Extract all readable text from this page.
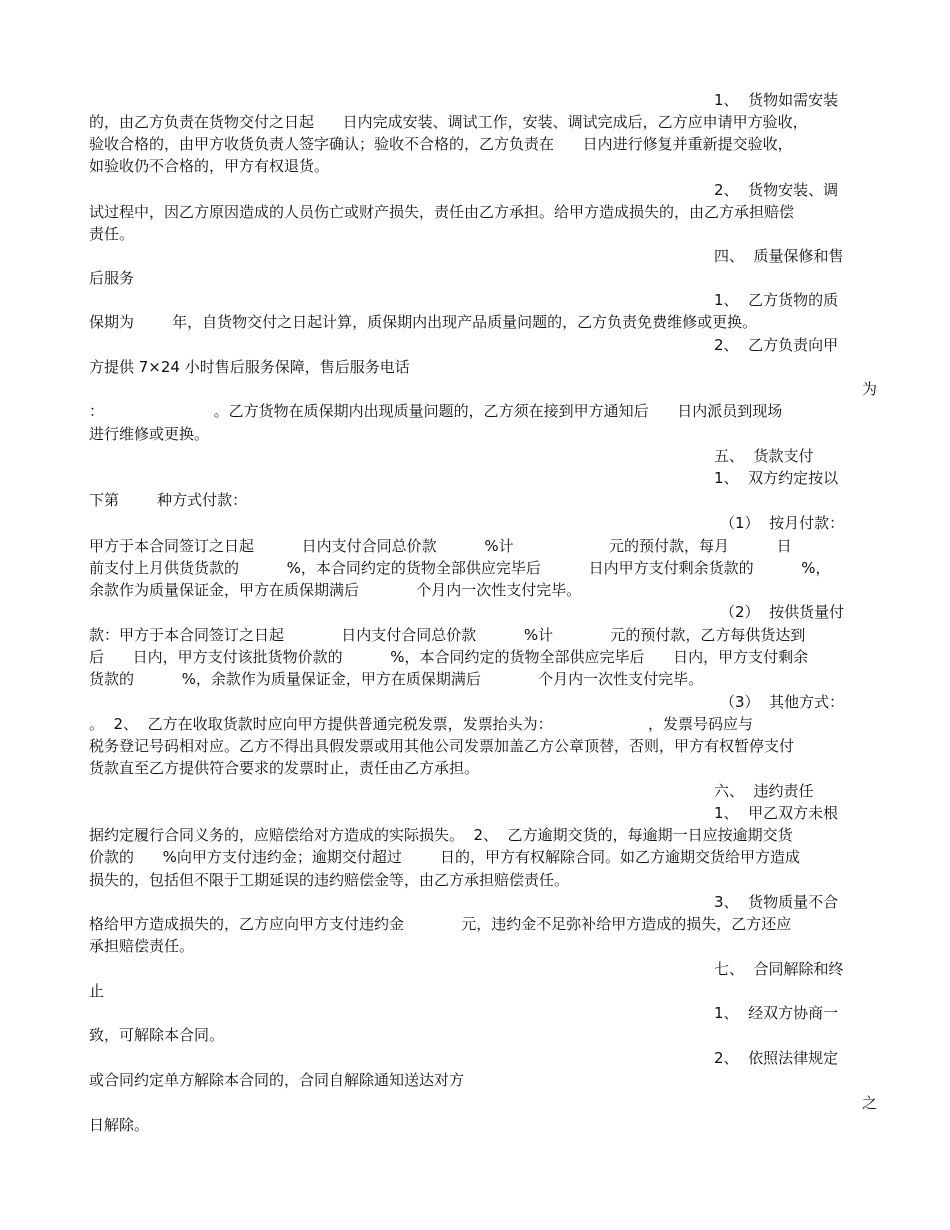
1、  货物如需安装
的，由乙方负责在货物交付之日起      日内完成安装、调试工作，安装、调试完成后，乙方应申请甲方验收，
验收合格的，由甲方收货负责人签字确认；验收不合格的，乙方负责在      日内进行修复并重新提交验收，
如验收仍不合格的，甲方有权退货。
2、  货物安装、调
试过程中，因乙方原因造成的人员伤亡或财产损失，责任由乙方承担。给甲方造成损失的，由乙方承担赔偿
责任。
四、  质量保修和售
后服务
1、  乙方货物的质
保期为        年，自货物交付之日起计算，质保期内出现产品质量问题的，乙方负责免费维修或更换。
2、  乙方负责向甲
方提供 7×24 小时售后服务保障，售后服务电话
为
：                       。乙方货物在质保期内出现质量问题的，乙方须在接到甲方通知后      日内派员到现场
进行维修或更换。
五、  货款支付
1、  双方约定按以
下第        种方式付款：
（1）  按月付款：
甲方于本合同签订之日起          日内支付合同总价款          %计                    元的预付款，每月          日
前支付上月供货货款的          %，本合同约定的货物全部供应完毕后          日内甲方支付剩余货款的          %，
余款作为质量保证金，甲方在质保期满后            个月内一次性支付完毕。
（2）  按供货量付
款：甲方于本合同签订之日起            日内支付合同总价款          %计            元的预付款，乙方每供货达到
后      日内，甲方支付该批货物价款的          %，本合同约定的货物全部供应完毕后      日内，甲方支付剩余
货款的          %，余款作为质量保证金，甲方在质保期满后            个月内一次性支付完毕。
（3）  其他方式：
。  2、  乙方在收取货款时应向甲方提供普通完税发票，发票抬头为：                    ，发票号码应与
税务登记号码相对应。乙方不得出具假发票或用其他公司发票加盖乙方公章顶替，否则，甲方有权暂停支付
货款直至乙方提供符合要求的发票时止，责任由乙方承担。
六、  违约责任
1、  甲乙双方未根
据约定履行合同义务的，应赔偿给对方造成的实际损失。  2、  乙方逾期交货的，每逾期一日应按逾期交货
价款的      %向甲方支付违约金；逾期交付超过        日的，甲方有权解除合同。如乙方逾期交货给甲方造成
损失的，包括但不限于工期延误的违约赔偿金等，由乙方承担赔偿责任。
3、  货物质量不合
格给甲方造成损失的，乙方应向甲方支付违约金            元，违约金不足弥补给甲方造成的损失，乙方还应
承担赔偿责任。
七、  合同解除和终
止
1、  经双方协商一
致，可解除本合同。
2、  依照法律规定
或合同约定单方解除本合同的，合同自解除通知送达对方
之
日解除。
